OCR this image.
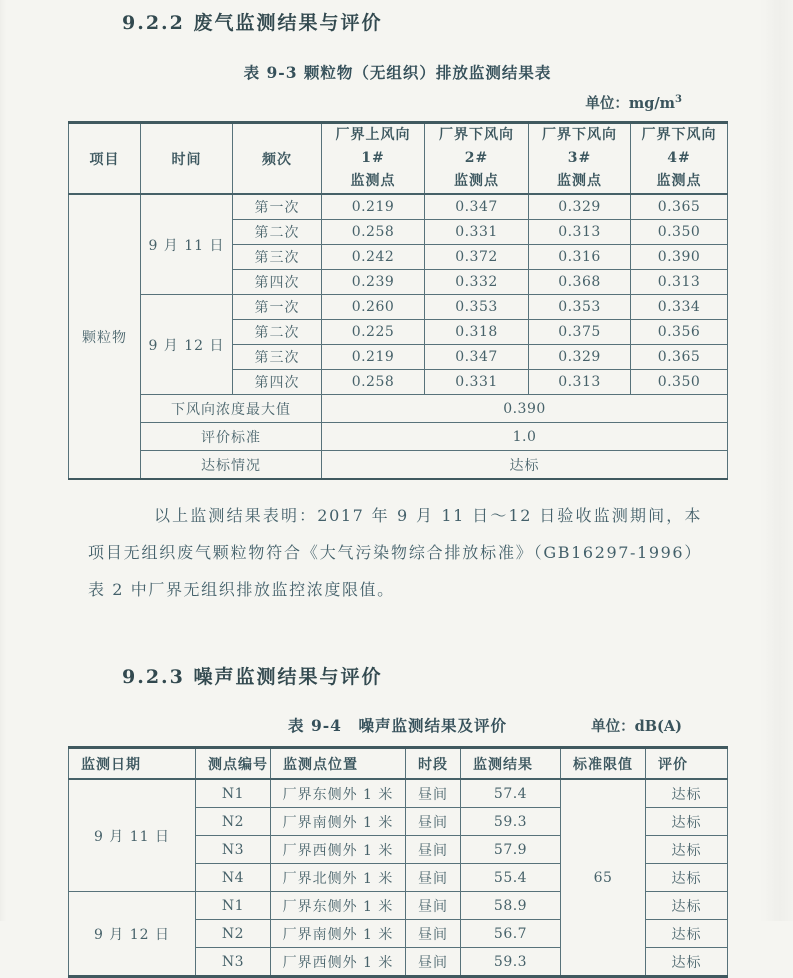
9.2.2 废气监测结果与评价
表 9-3 颗粒物（无组织）排放监测结果表
单位：$mg/m^3$
项目	时间	频次	
厂界上风向 1#
监测点

厂界下风向 2#
监测点

厂界下风向 3#
监测点

厂界下风向 4#
监测点

颗粒物	9 月 11 日	第一次	0.219	0.347	0.329	0.365
		第二次	0.258	0.331	0.313	0.350
		第三次	0.242	0.372	0.316	0.390
		第四次	0.239	0.332	0.368	0.313
	9 月 12 日	第一次	0.260	0.353	0.353	0.334
		第二次	0.225	0.318	0.375	0.356
		第三次	0.219	0.347	0.329	0.365
		第四次	0.258	0.331	0.313	0.350
	下风向浓度最大值		0.390			
	评价标准		1.0			
	达标情况		达标			

以上监测结果表明：2017 年 9 月 11 日～12 日验收监测期间，本项目无组织废气颗粒物符合《大气污染物综合排放标准》（GB16297-1996）表 2 中厂界无组织排放监控浓度限值。

9.2.3 噪声监测结果与评价
表 9-4　噪声监测结果及评价	单位：dB(A)
监测日期	测点编号	监测点位置	时段	监测结果	标准限值	评价
9 月 11 日	N1	厂界东侧外 1 米	昼间	57.4	65	达标
	N2	厂界南侧外 1 米	昼间	59.3		达标
	N3	厂界西侧外 1 米	昼间	57.9		达标
	N4	厂界北侧外 1 米	昼间	55.4		达标
9 月 12 日	N1	厂界东侧外 1 米	昼间	58.9		达标
	N2	厂界南侧外 1 米	昼间	56.7		达标
	N3	厂界西侧外 1 米	昼间	59.3		达标
